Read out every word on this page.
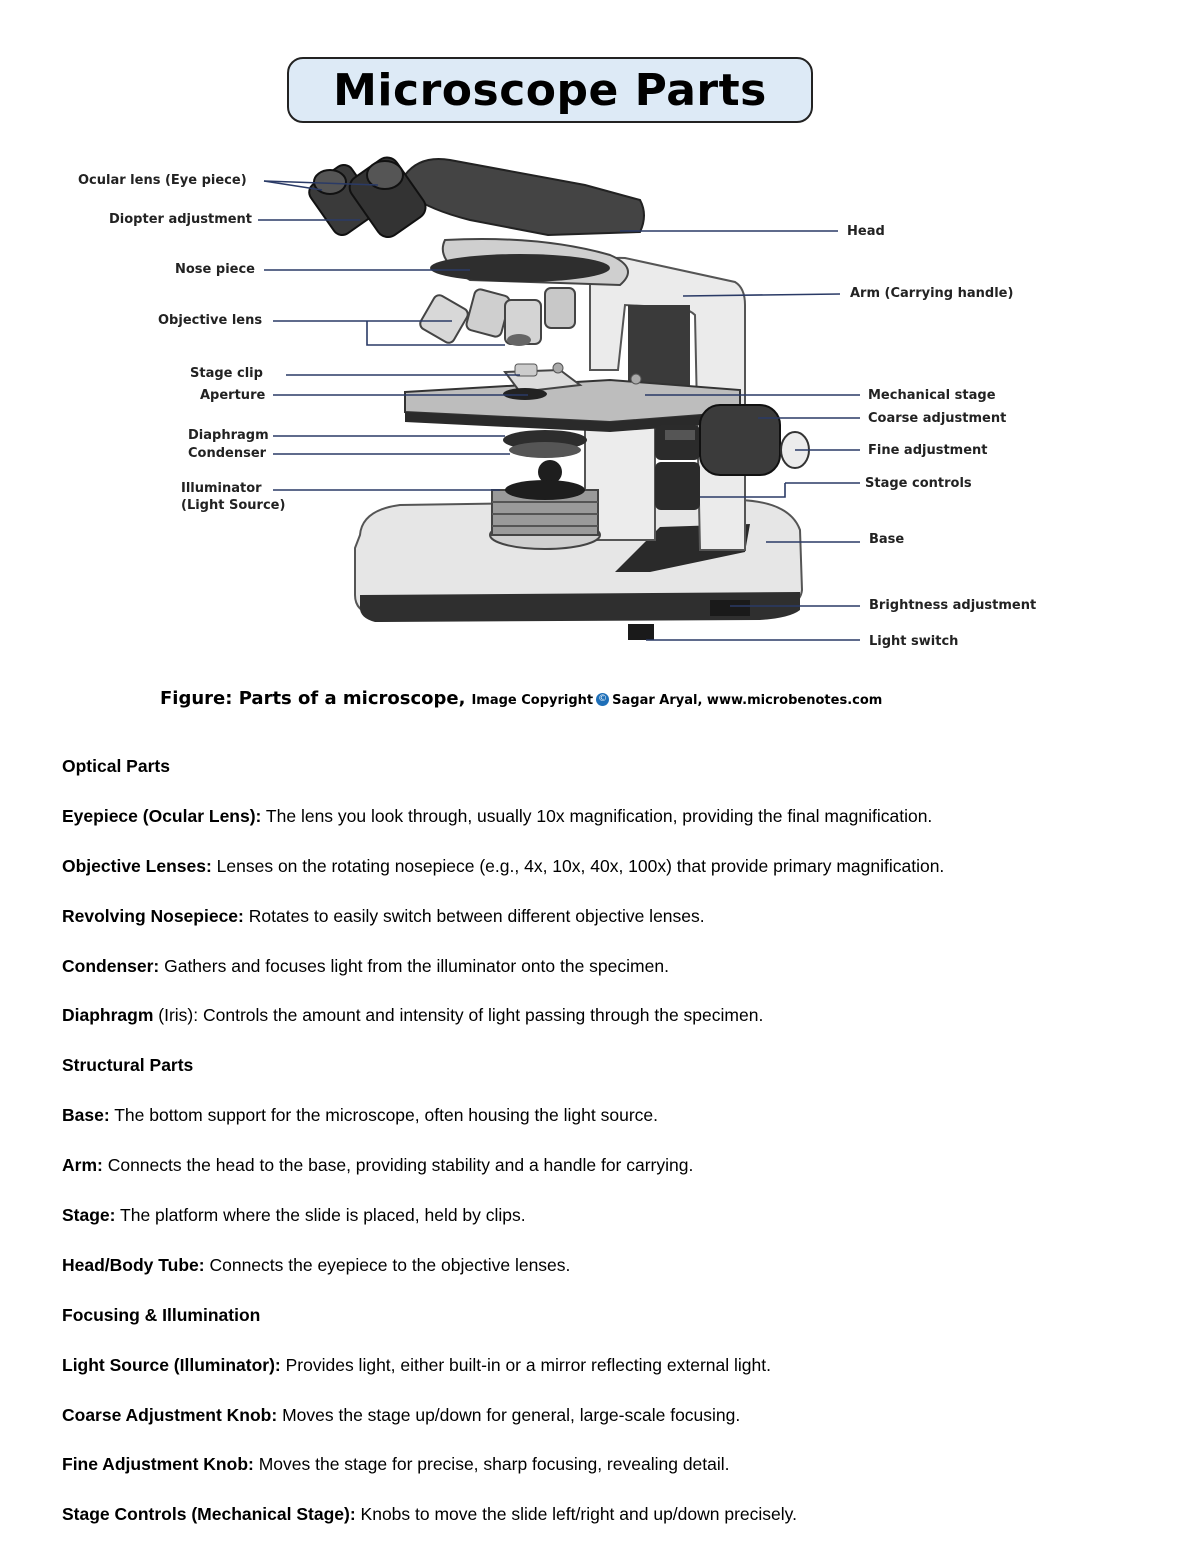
Microscope Parts
Ocular lens (Eye piece)
Diopter adjustment
Nose piece
Objective lens
Stage clip
Aperture
Diaphragm
Condenser
Illuminator
(Light Source)
Head
Arm (Carrying handle)
Mechanical stage
Coarse adjustment
Fine adjustment
Stage controls
Base
Brightness adjustment
Light switch
Figure: Parts of a microscope, Image Copyright © Sagar Aryal, www.microbenotes.com
Optical Parts
Eyepiece (Ocular Lens): The lens you look through, usually 10x magnification, providing the final magnification.
Objective Lenses: Lenses on the rotating nosepiece (e.g., 4x, 10x, 40x, 100x) that provide primary magnification.
Revolving Nosepiece: Rotates to easily switch between different objective lenses.
Condenser: Gathers and focuses light from the illuminator onto the specimen.
Diaphragm (Iris): Controls the amount and intensity of light passing through the specimen.
Structural Parts
Base: The bottom support for the microscope, often housing the light source.
Arm: Connects the head to the base, providing stability and a handle for carrying.
Stage: The platform where the slide is placed, held by clips.
Head/Body Tube: Connects the eyepiece to the objective lenses.
Focusing & Illumination
Light Source (Illuminator): Provides light, either built-in or a mirror reflecting external light.
Coarse Adjustment Knob: Moves the stage up/down for general, large-scale focusing.
Fine Adjustment Knob: Moves the stage for precise, sharp focusing, revealing detail.
Stage Controls (Mechanical Stage): Knobs to move the slide left/right and up/down precisely.
